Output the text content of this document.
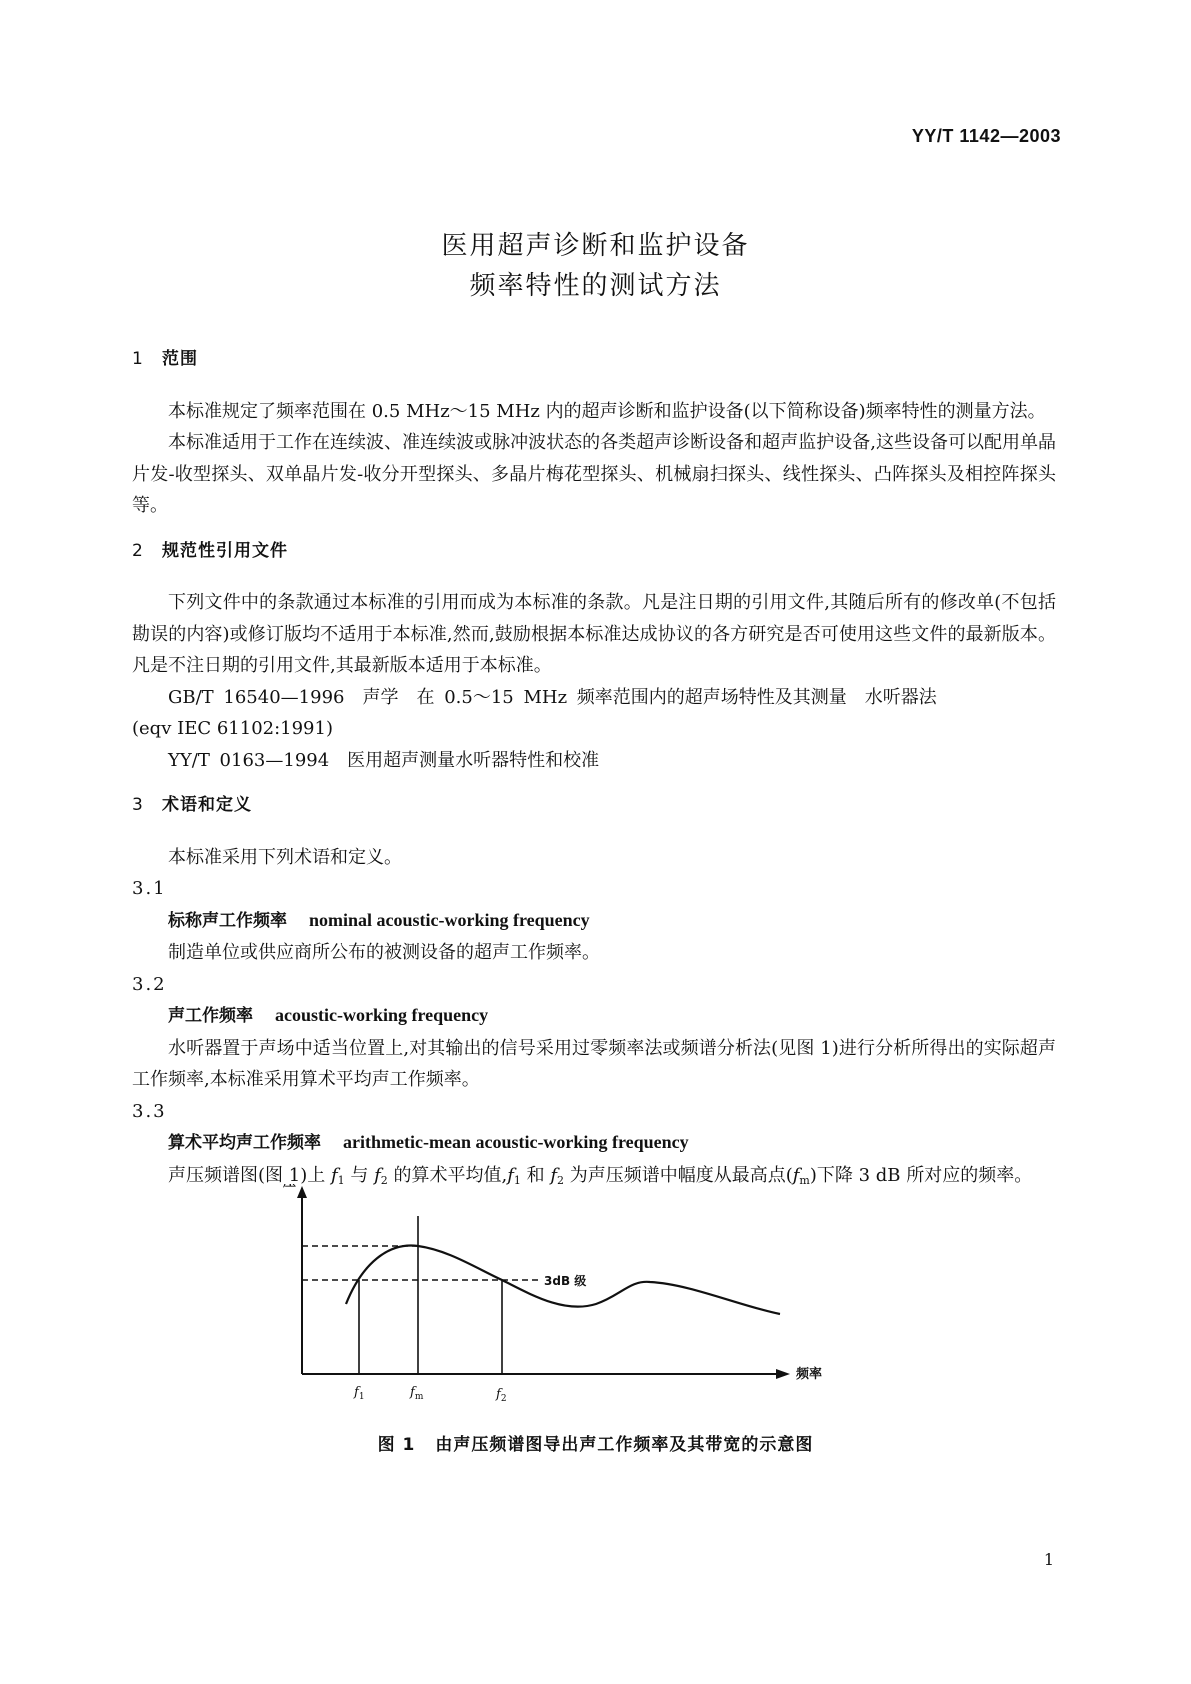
YY/T 1142—2003
医用超声诊断和监护设备
频率特性的测试方法

1 范围

本标准规定了频率范围在 0.5 MHz～15 MHz 内的超声诊断和监护设备(以下简称设备)频率特性的测量方法。

本标准适用于工作在连续波、准连续波或脉冲波状态的各类超声诊断设备和超声监护设备,这些设备可以配用单晶片发-收型探头、双单晶片发-收分开型探头、多晶片梅花型探头、机械扇扫探头、线性探头、凸阵探头及相控阵探头等。

2 规范性引用文件

下列文件中的条款通过本标准的引用而成为本标准的条款。凡是注日期的引用文件,其随后所有的修改单(不包括勘误的内容)或修订版均不适用于本标准,然而,鼓励根据本标准达成协议的各方研究是否可使用这些文件的最新版本。凡是不注日期的引用文件,其最新版本适用于本标准。

GB/T 16540—1996　声学　在 0.5～15 MHz 频率范围内的超声场特性及其测量　水听器法

(eqv IEC 61102:1991)

YY/T 0163—1994　医用超声测量水听器特性和校准

3 术语和定义

本标准采用下列术语和定义。

3.1

标称声工作频率 nominal acoustic-working frequency

制造单位或供应商所公布的被测设备的超声工作频率。

3.2

声工作频率 acoustic-working frequency

水听器置于声场中适当位置上,对其输出的信号采用过零频率法或频谱分析法(见图 1)进行分析所得出的实际超声工作频率,本标准采用算术平均声工作频率。

3.3

算术平均声工作频率 arithmetic-mean acoustic-working frequency

声压频谱图(图 1)上 $f_1$ 与 $f_2$ 的算术平均值$,f_1$ 和 $f_2$ 为声压频谱中幅度从最高点$(f_m)$下降 3 dB 所对应的频率。

频率
3dB 级
$f_1$	$f_m$	$f_2$
图 1 由声压频谱图导出声工作频率及其带宽的示意图
1
